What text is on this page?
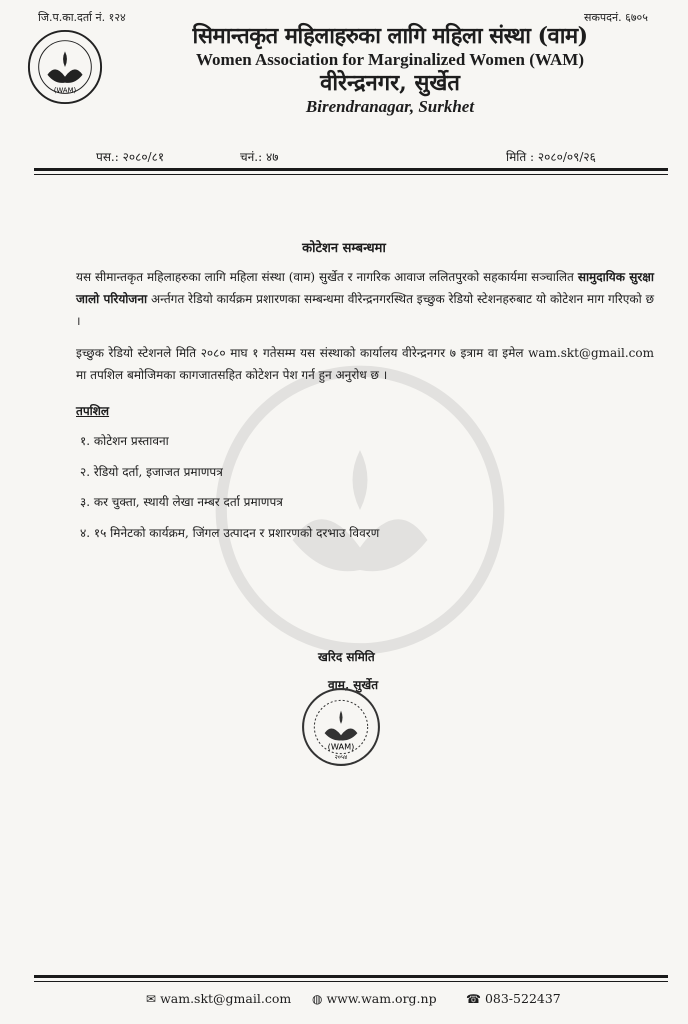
जि.प.का.दर्ता नं. १२४	सकपदनं. ६७०५
(WAM)
सिमान्तकृत महिलाहरुका लागि महिला संस्था (वाम)
Women Association for Marginalized Women (WAM)
वीरेन्द्रनगर, सुर्खेत
Birendranagar, Surkhet
पस.: २०८०/८१	चनं.: ४७	मिति : २०८०/०९/२६
कोटेशन सम्बन्धमा
यस सीमान्तकृत महिलाहरुका लागि महिला संस्था (वाम) सुर्खेत र नागरिक आवाज ललितपुरको सहकार्यमा सञ्चालित सामुदायिक सुरक्षा जालो परियोजना अर्न्तगत रेडियो कार्यक्रम प्रशारणका सम्बन्धमा वीरेन्द्रनगरस्थित इच्छुक रेडियो स्टेशनहरुबाट यो कोटेशन माग गरिएको छ ।
इच्छुक रेडियो स्टेशनले मिति २०८० माघ १ गतेसम्म यस संस्थाको कार्यालय वीरेन्द्रनगर ७ इत्राम वा इमेल wam.skt@gmail.com मा तपशिल बमोजिमका कागजातसहित कोटेशन पेश गर्न हुन अनुरोध छ ।
तपशिल
१. कोटेशन प्रस्तावना
२. रेडियो दर्ता, इजाजत प्रमाणपत्र
३. कर चुक्ता, स्थायी लेखा नम्बर दर्ता प्रमाणपत्र
४. १५ मिनेटको कार्यक्रम, जिंगल उत्पादन र प्रशारणको दरभाउ विवरण
खरिद समिति
वाम, सुर्खेत
(WAM)
२०५४
✉ wam.skt@gmail.com ◍ www.wam.org.np ☎ 083-522437
